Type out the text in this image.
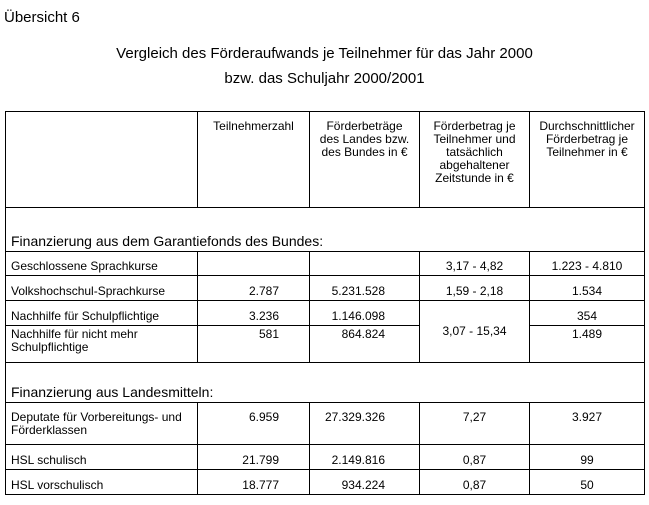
Übersicht 6
Vergleich des Förderaufwands je Teilnehmer für das Jahr 2000
bzw. das Schuljahr 2000/2001
	Teilnehmerzahl	Förderbeträge des Landes bzw. des Bundes in €	Förderbetrag je Teilnehmer und tatsächlich abgehaltener Zeitstunde in €	Durchschnittlicher Förderbetrag je Teilnehmer in €
Finanzierung aus dem Garantiefonds des Bundes:				
Geschlossene Sprachkurse			3,17 - 4,82	1.223 - 4.810
Volkshochschul-Sprachkurse	2.787	5.231.528	1,59 - 2,18	1.534
Nachhilfe für Schulpflichtige	3.236	1.146.098	3,07 - 15,34	354
Nachhilfe für nicht mehr Schulpflichtige	581	864.824		1.489
Finanzierung aus Landesmitteln:				
Deputate für Vorbereitungs- und Förderklassen	6.959	27.329.326	7,27	3.927
HSL schulisch	21.799	2.149.816	0,87	99
HSL vorschulisch	18.777	934.224	0,87	50
